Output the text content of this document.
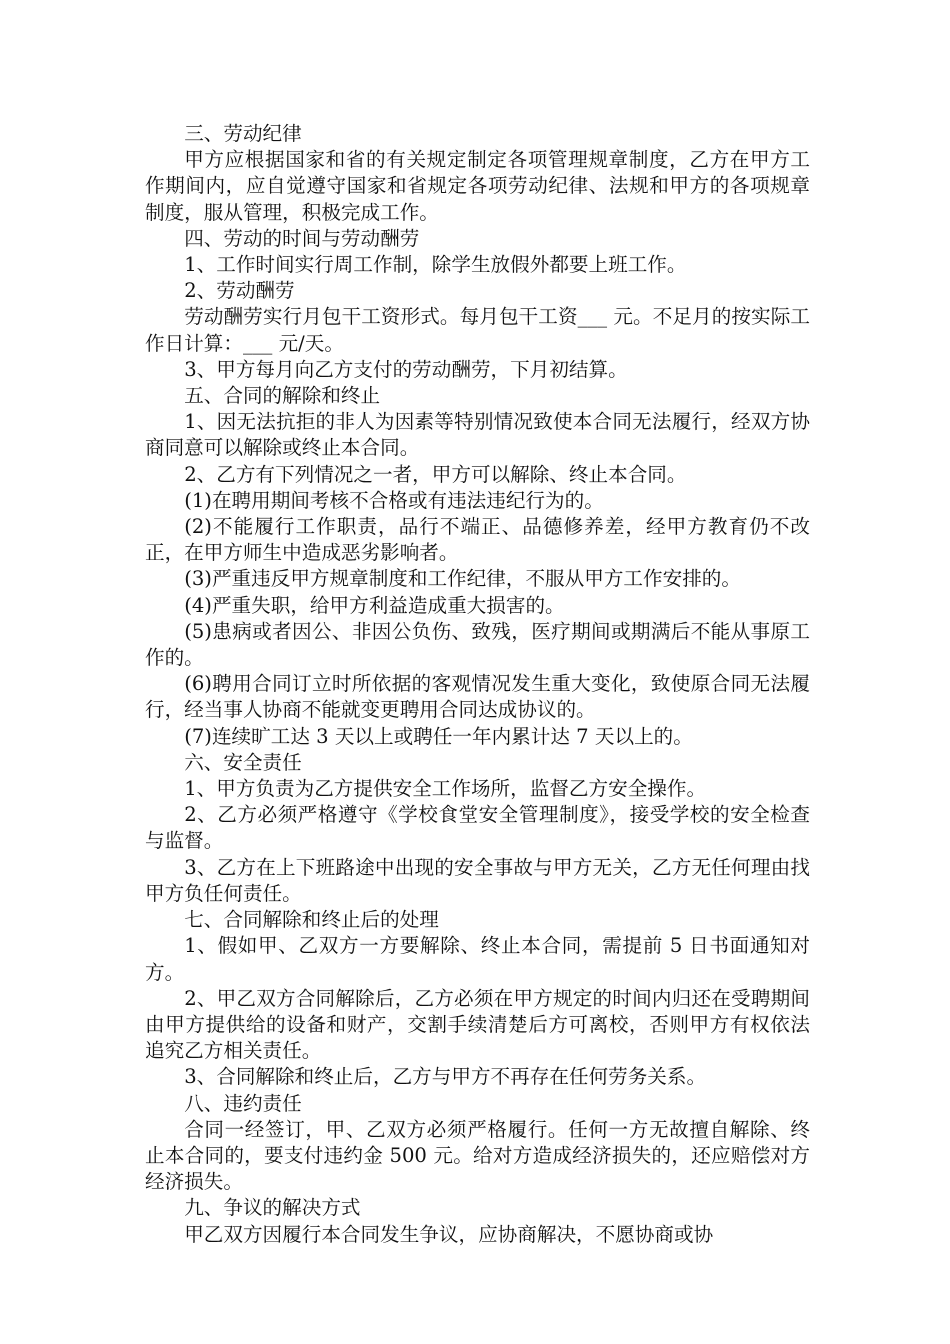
三、劳动纪律

甲方应根据国家和省的有关规定制定各项管理规章制度，乙方在甲方工作期间内，应自觉遵守国家和省规定各项劳动纪律、法规和甲方的各项规章制度，服从管理，积极完成工作。

四、劳动的时间与劳动酬劳

1、工作时间实行周工作制，除学生放假外都要上班工作。

2、劳动酬劳

劳动酬劳实行月包干工资形式。每月包干工资___ 元。不足月的按实际工作日计算：___ 元/天。

3、甲方每月向乙方支付的劳动酬劳，下月初结算。

五、合同的解除和终止

1、因无法抗拒的非人为因素等特别情况致使本合同无法履行，经双方协商同意可以解除或终止本合同。

2、乙方有下列情况之一者，甲方可以解除、终止本合同。

(1)在聘用期间考核不合格或有违法违纪行为的。

(2)不能履行工作职责，品行不端正、品德修养差，经甲方教育仍不改正，在甲方师生中造成恶劣影响者。

(3)严重违反甲方规章制度和工作纪律，不服从甲方工作安排的。

(4)严重失职，给甲方利益造成重大损害的。

(5)患病或者因公、非因公负伤、致残，医疗期间或期满后不能从事原工作的。

(6)聘用合同订立时所依据的客观情况发生重大变化，致使原合同无法履行，经当事人协商不能就变更聘用合同达成协议的。

(7)连续旷工达 3 天以上或聘任一年内累计达 7 天以上的。

六、安全责任

1、甲方负责为乙方提供安全工作场所，监督乙方安全操作。

2、乙方必须严格遵守《学校食堂安全管理制度》，接受学校的安全检查与监督。

3、乙方在上下班路途中出现的安全事故与甲方无关，乙方无任何理由找甲方负任何责任。

七、合同解除和终止后的处理

1、假如甲、乙双方一方要解除、终止本合同，需提前 5 日书面通知对方。

2、甲乙双方合同解除后，乙方必须在甲方规定的时间内归还在受聘期间由甲方提供给的设备和财产，交割手续清楚后方可离校，否则甲方有权依法追究乙方相关责任。

3、合同解除和终止后，乙方与甲方不再存在任何劳务关系。

八、违约责任

合同一经签订，甲、乙双方必须严格履行。任何一方无故擅自解除、终止本合同的，要支付违约金 500 元。给对方造成经济损失的，还应赔偿对方经济损失。

九、争议的解决方式

甲乙双方因履行本合同发生争议，应协商解决，不愿协商或协
